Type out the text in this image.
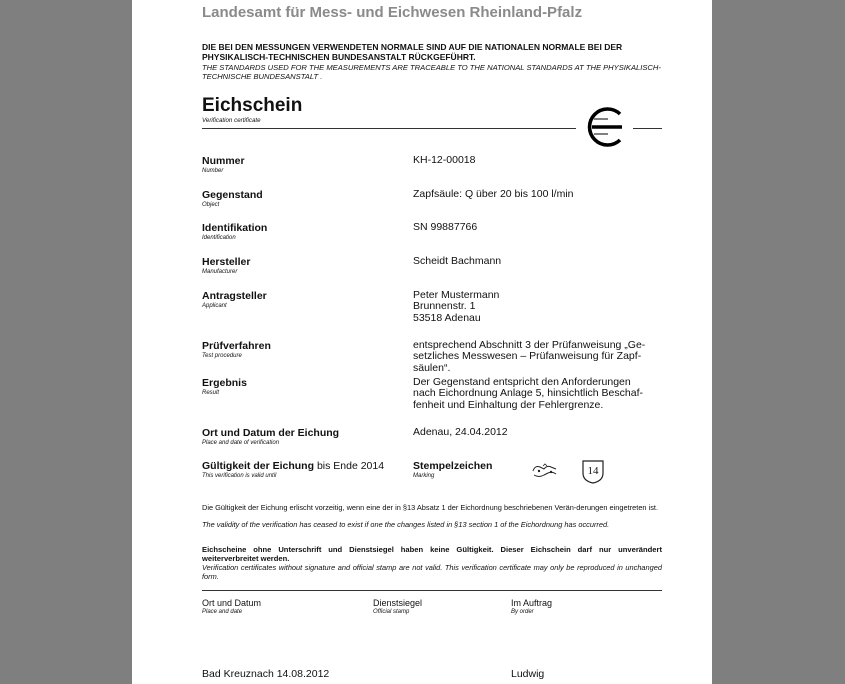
Landesamt für Mess- und Eichwesen Rheinland-Pfalz
DIE BEI DEN MESSUNGEN VERWENDETEN NORMALE SIND AUF DIE NATIONALEN NORMALE BEI DER PHYSIKALISCH-TECHNISCHEN BUNDESANSTALT RÜCKGEFÜHRT.
THE STANDARDS USED FOR THE MEASUREMENTS ARE TRACEABLE TO THE NATIONAL STANDARDS AT THE PHYSIKALISCH-TECHNISCHE BUNDESANSTALT .
Eichschein
Verification certificate
Nummer
Number
KH-12-00018
Gegenstand
Object
Zapfsäule: Q über 20 bis 100 l/min
Identifikation
Identification
SN 99887766
Hersteller
Manufacturer
Scheidt Bachmann
Antragsteller
Applicant
Peter Mustermann
Brunnenstr. 1
53518 Adenau
Prüfverfahren
Test procedure
entsprechend Abschnitt 3 der Prüfanweisung „Ge-
setzliches Messwesen – Prüfanweisung für Zapf-
säulen“.
Ergebnis
Result
Der Gegenstand entspricht den Anforderungen
nach Eichordnung Anlage 5, hinsichtlich Beschaf-
fenheit und Einhaltung der Fehlergrenze.
Ort und Datum der Eichung
Place and date of verification
Adenau, 24.04.2012
Gültigkeit der Eichung bis Ende 2014
This verification is valid until
Stempelzeichen
Marking	14
Die Gültigkeit der Eichung erlischt vorzeitig, wenn eine der in §13 Absatz 1 der Eichordnung beschriebenen Verän-derungen eingetreten ist.
The validity of the verification has ceased to exist if one the changes listed in §13 section 1 of the Eichordnung has occurred.
Eichscheine ohne Unterschrift und Dienstsiegel haben keine Gültigkeit. Dieser Eichschein darf nur unverändert weiterverbreitet werden.
Verification certificates without signature and official stamp are not valid. This verification certificate may only be reproduced in unchanged form.
Ort und Datum
Place and date
Dienstsiegel
Official stamp
Im Auftrag
By order
Bad Kreuznach 14.08.2012	Ludwig
